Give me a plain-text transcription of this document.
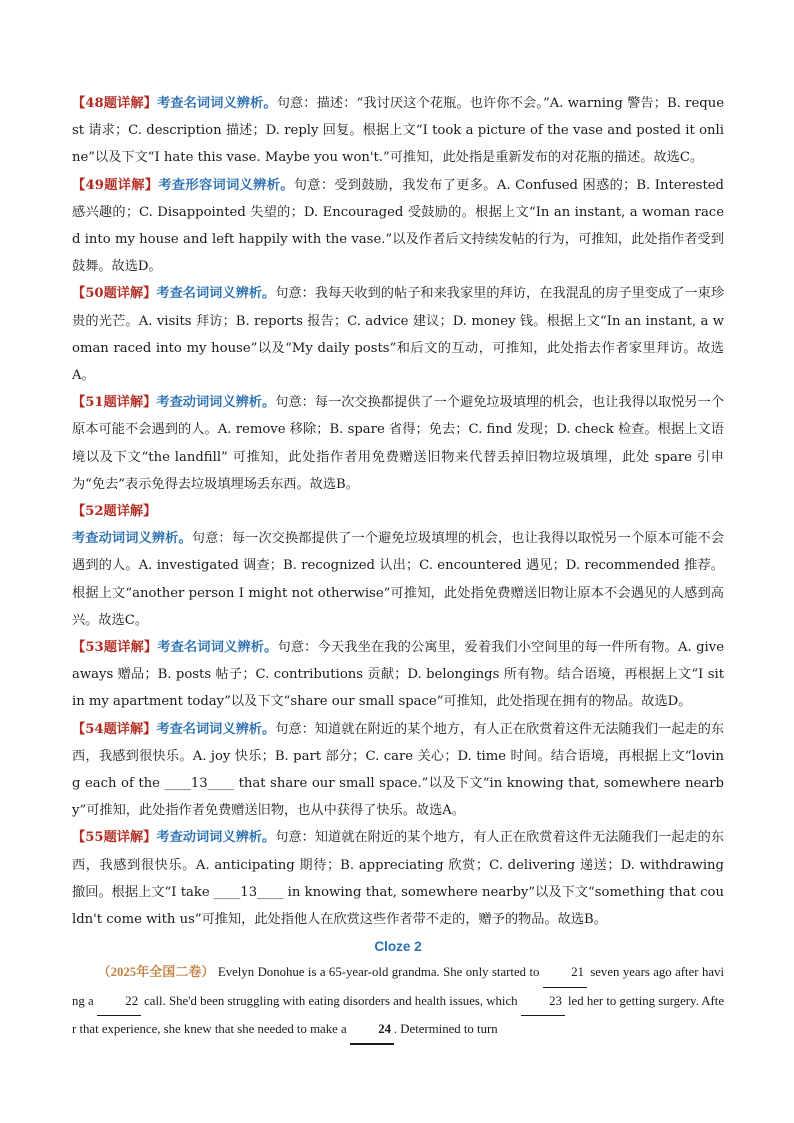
【48题详解】考查名词词义辨析。句意：描述：“我讨厌这个花瓶。也许你不会。”A. warning 警告；B. request 请求；C. description 描述；D. reply 回复。根据上文“I took a picture of the vase and posted it online”以及下文“I hate this vase. Maybe you won't.”可推知，此处指是重新发布的对花瓶的描述。故选C。

【49题详解】考查形容词词义辨析。句意：受到鼓励，我发布了更多。A. Confused 困惑的；B. Interested 感兴趣的；C. Disappointed 失望的；D. Encouraged 受鼓励的。根据上文“In an instant, a woman raced into my house and left happily with the vase.”以及作者后文持续发帖的行为，可推知，此处指作者受到鼓舞。故选D。

【50题详解】考查名词词义辨析。句意：我每天收到的帖子和来我家里的拜访，在我混乱的房子里变成了一束珍贵的光芒。A. visits 拜访；B. reports 报告；C. advice 建议；D. money 钱。根据上文“In an instant, a woman raced into my house”以及“My daily posts”和后文的互动，可推知，此处指去作者家里拜访。故选A。

【51题详解】考查动词词义辨析。句意：每一次交换都提供了一个避免垃圾填埋的机会，也让我得以取悦另一个原本可能不会遇到的人。A. remove 移除；B. spare 省得；免去；C. find 发现；D. check 检查。根据上文语境以及下文“the landfill” 可推知，此处指作者用免费赠送旧物来代替丢掉旧物垃圾填埋，此处 spare 引申为“免去”表示免得去垃圾填埋场丢东西。故选B。

【52题详解】

考查动词词义辨析。句意：每一次交换都提供了一个避免垃圾填埋的机会，也让我得以取悦另一个原本可能不会遇到的人。A. investigated 调查；B. recognized 认出；C. encountered 遇见；D. recommended 推荐。根据上文“another person I might not otherwise”可推知，此处指免费赠送旧物让原本不会遇见的人感到高兴。故选C。

【53题详解】考查名词词义辨析。句意：今天我坐在我的公寓里，爱着我们小空间里的每一件所有物。A. giveaways 赠品；B. posts 帖子；C. contributions 贡献；D. belongings 所有物。结合语境，再根据上文“I sit in my apartment today”以及下文“share our small space”可推知，此处指现在拥有的物品。故选D。

【54题详解】考查名词词义辨析。句意：知道就在附近的某个地方，有人正在欣赏着这件无法随我们一起走的东西，我感到很快乐。A. joy 快乐；B. part 部分；C. care 关心；D. time 时间。结合语境，再根据上文“loving each of the ____13____ that share our small space.”以及下文“in knowing that, somewhere nearby”可推知，此处指作者免费赠送旧物，也从中获得了快乐。故选A。

【55题详解】考查动词词义辨析。句意：知道就在附近的某个地方，有人正在欣赏着这件无法随我们一起走的东西，我感到很快乐。A. anticipating 期待；B. appreciating 欣赏；C. delivering 递送；D. withdrawing 撤回。根据上文“I take ____13____ in knowing that, somewhere nearby”以及下文“something that couldn't come with us”可推知，此处指他人在欣赏这些作者带不走的，赠予的物品。故选B。

Cloze 2

（2025年全国二卷） Evelyn Donohue is a 65-year-old grandma. She only started to 21 seven years ago after having a 22 call. She'd been struggling with eating disorders and health issues, which 23 led her to getting surgery. After that experience, she knew that she needed to make a 24 . Determined to turn
